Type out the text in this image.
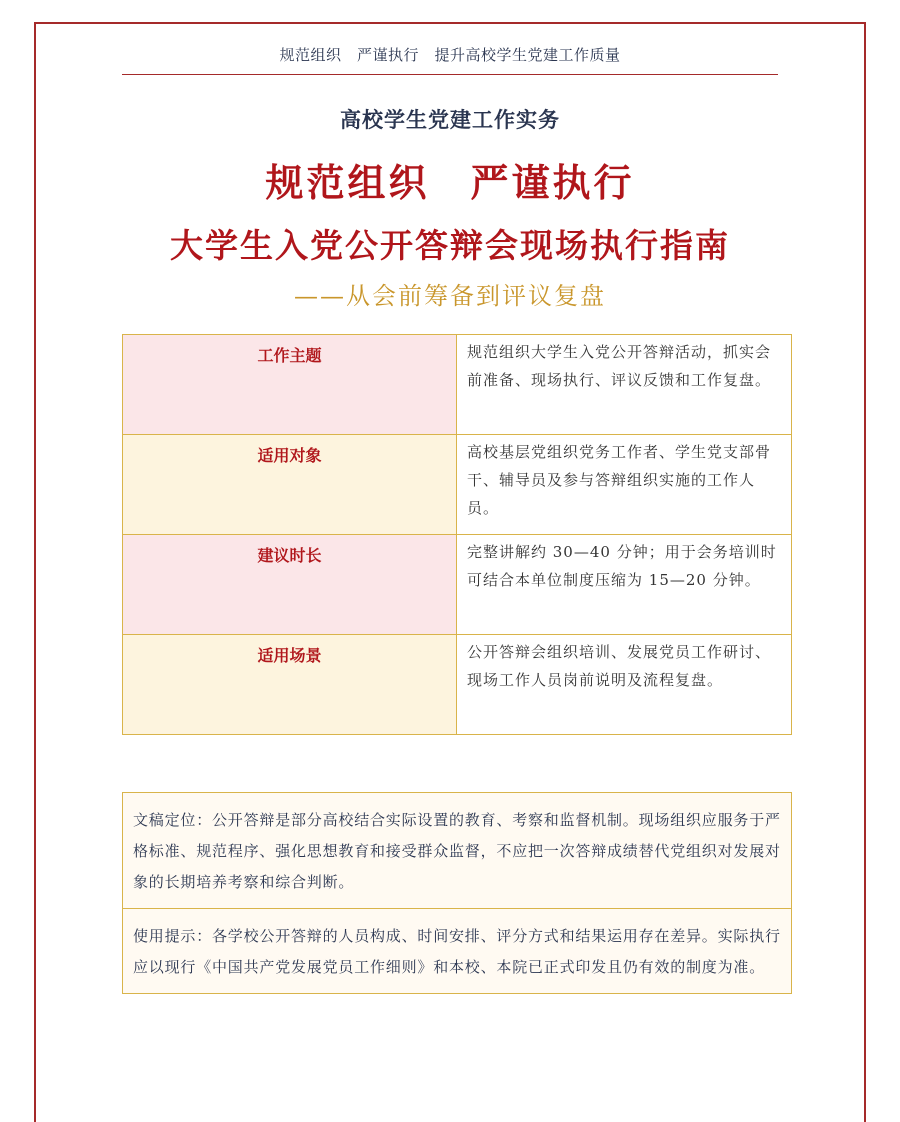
规范组织　严谨执行　提升高校学生党建工作质量
高校学生党建工作实务
规范组织　严谨执行
大学生入党公开答辩会现场执行指南
——从会前筹备到评议复盘
工作主题	规范组织大学生入党公开答辩活动，抓实会前准备、现场执行、评议反馈和工作复盘。
适用对象	高校基层党组织党务工作者、学生党支部骨干、辅导员及参与答辩组织实施的工作人员。
建议时长	完整讲解约 30—40 分钟；用于会务培训时可结合本单位制度压缩为 15—20 分钟。
适用场景	公开答辩会组织培训、发展党员工作研讨、现场工作人员岗前说明及流程复盘。
文稿定位：公开答辩是部分高校结合实际设置的教育、考察和监督机制。现场组织应服务于严格标准、规范程序、强化思想教育和接受群众监督，不应把一次答辩成绩替代党组织对发展对象的长期培养考察和综合判断。
使用提示：各学校公开答辩的人员构成、时间安排、评分方式和结果运用存在差异。实际执行应以现行《中国共产党发展党员工作细则》和本校、本院已正式印发且仍有效的制度为准。
